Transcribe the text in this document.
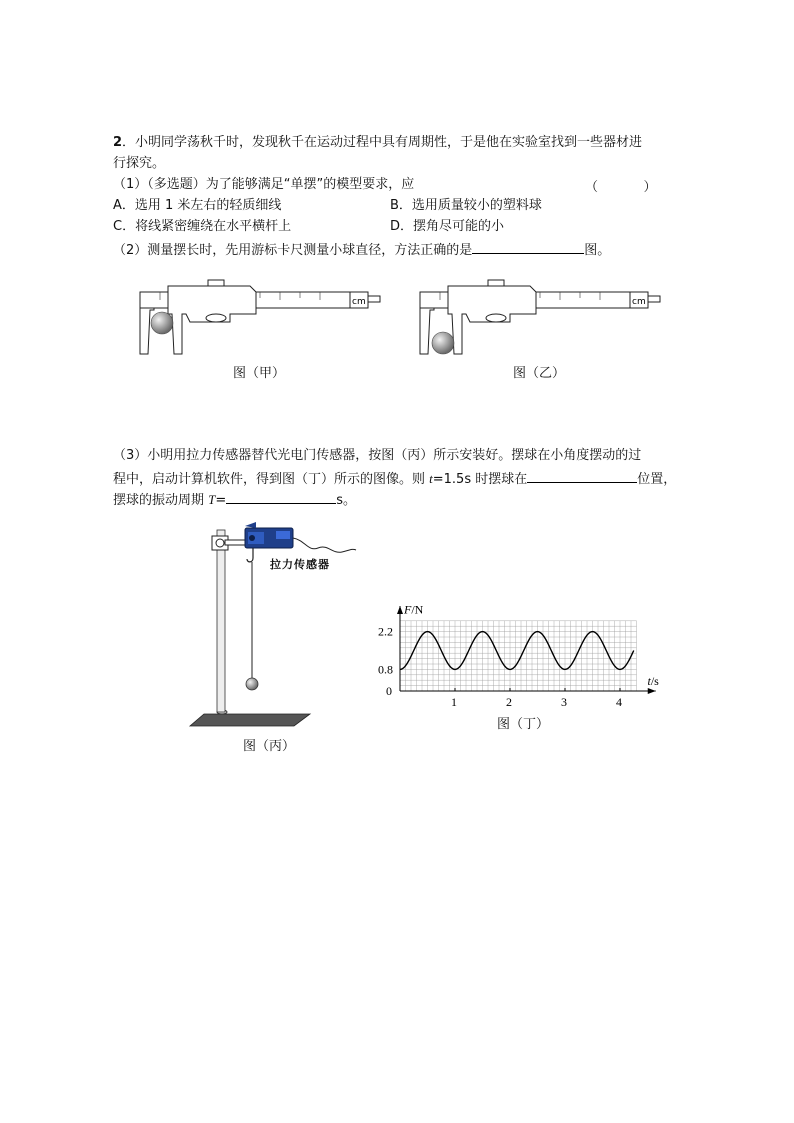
2．小明同学荡秋千时，发现秋千在运动过程中具有周期性，于是他在实验室找到一些器材进
行探究。
（1）（多选题）为了能够满足“单摆”的模型要求，应	（           ）
A．选用 1 米左右的轻质细线	B．选用质量较小的塑料球
C．将线紧密缠绕在水平横杆上	D．摆角尽可能的小
（2）测量摆长时，先用游标卡尺测量小球直径，方法正确的是	图。
cm
图（甲）
cm
图（乙）
（3）小明用拉力传感器替代光电门传感器，按图（丙）所示安装好。摆球在小角度摆动的过
程中，启动计算机软件，得到图（丁）所示的图像。则 t=1.5s 时摆球在	位置，
摆球的振动周期 T=	s。
拉力传感器
图（丙）
1	2	3	4
2.2
0.8
0
F/N
t/s
图（丁）
